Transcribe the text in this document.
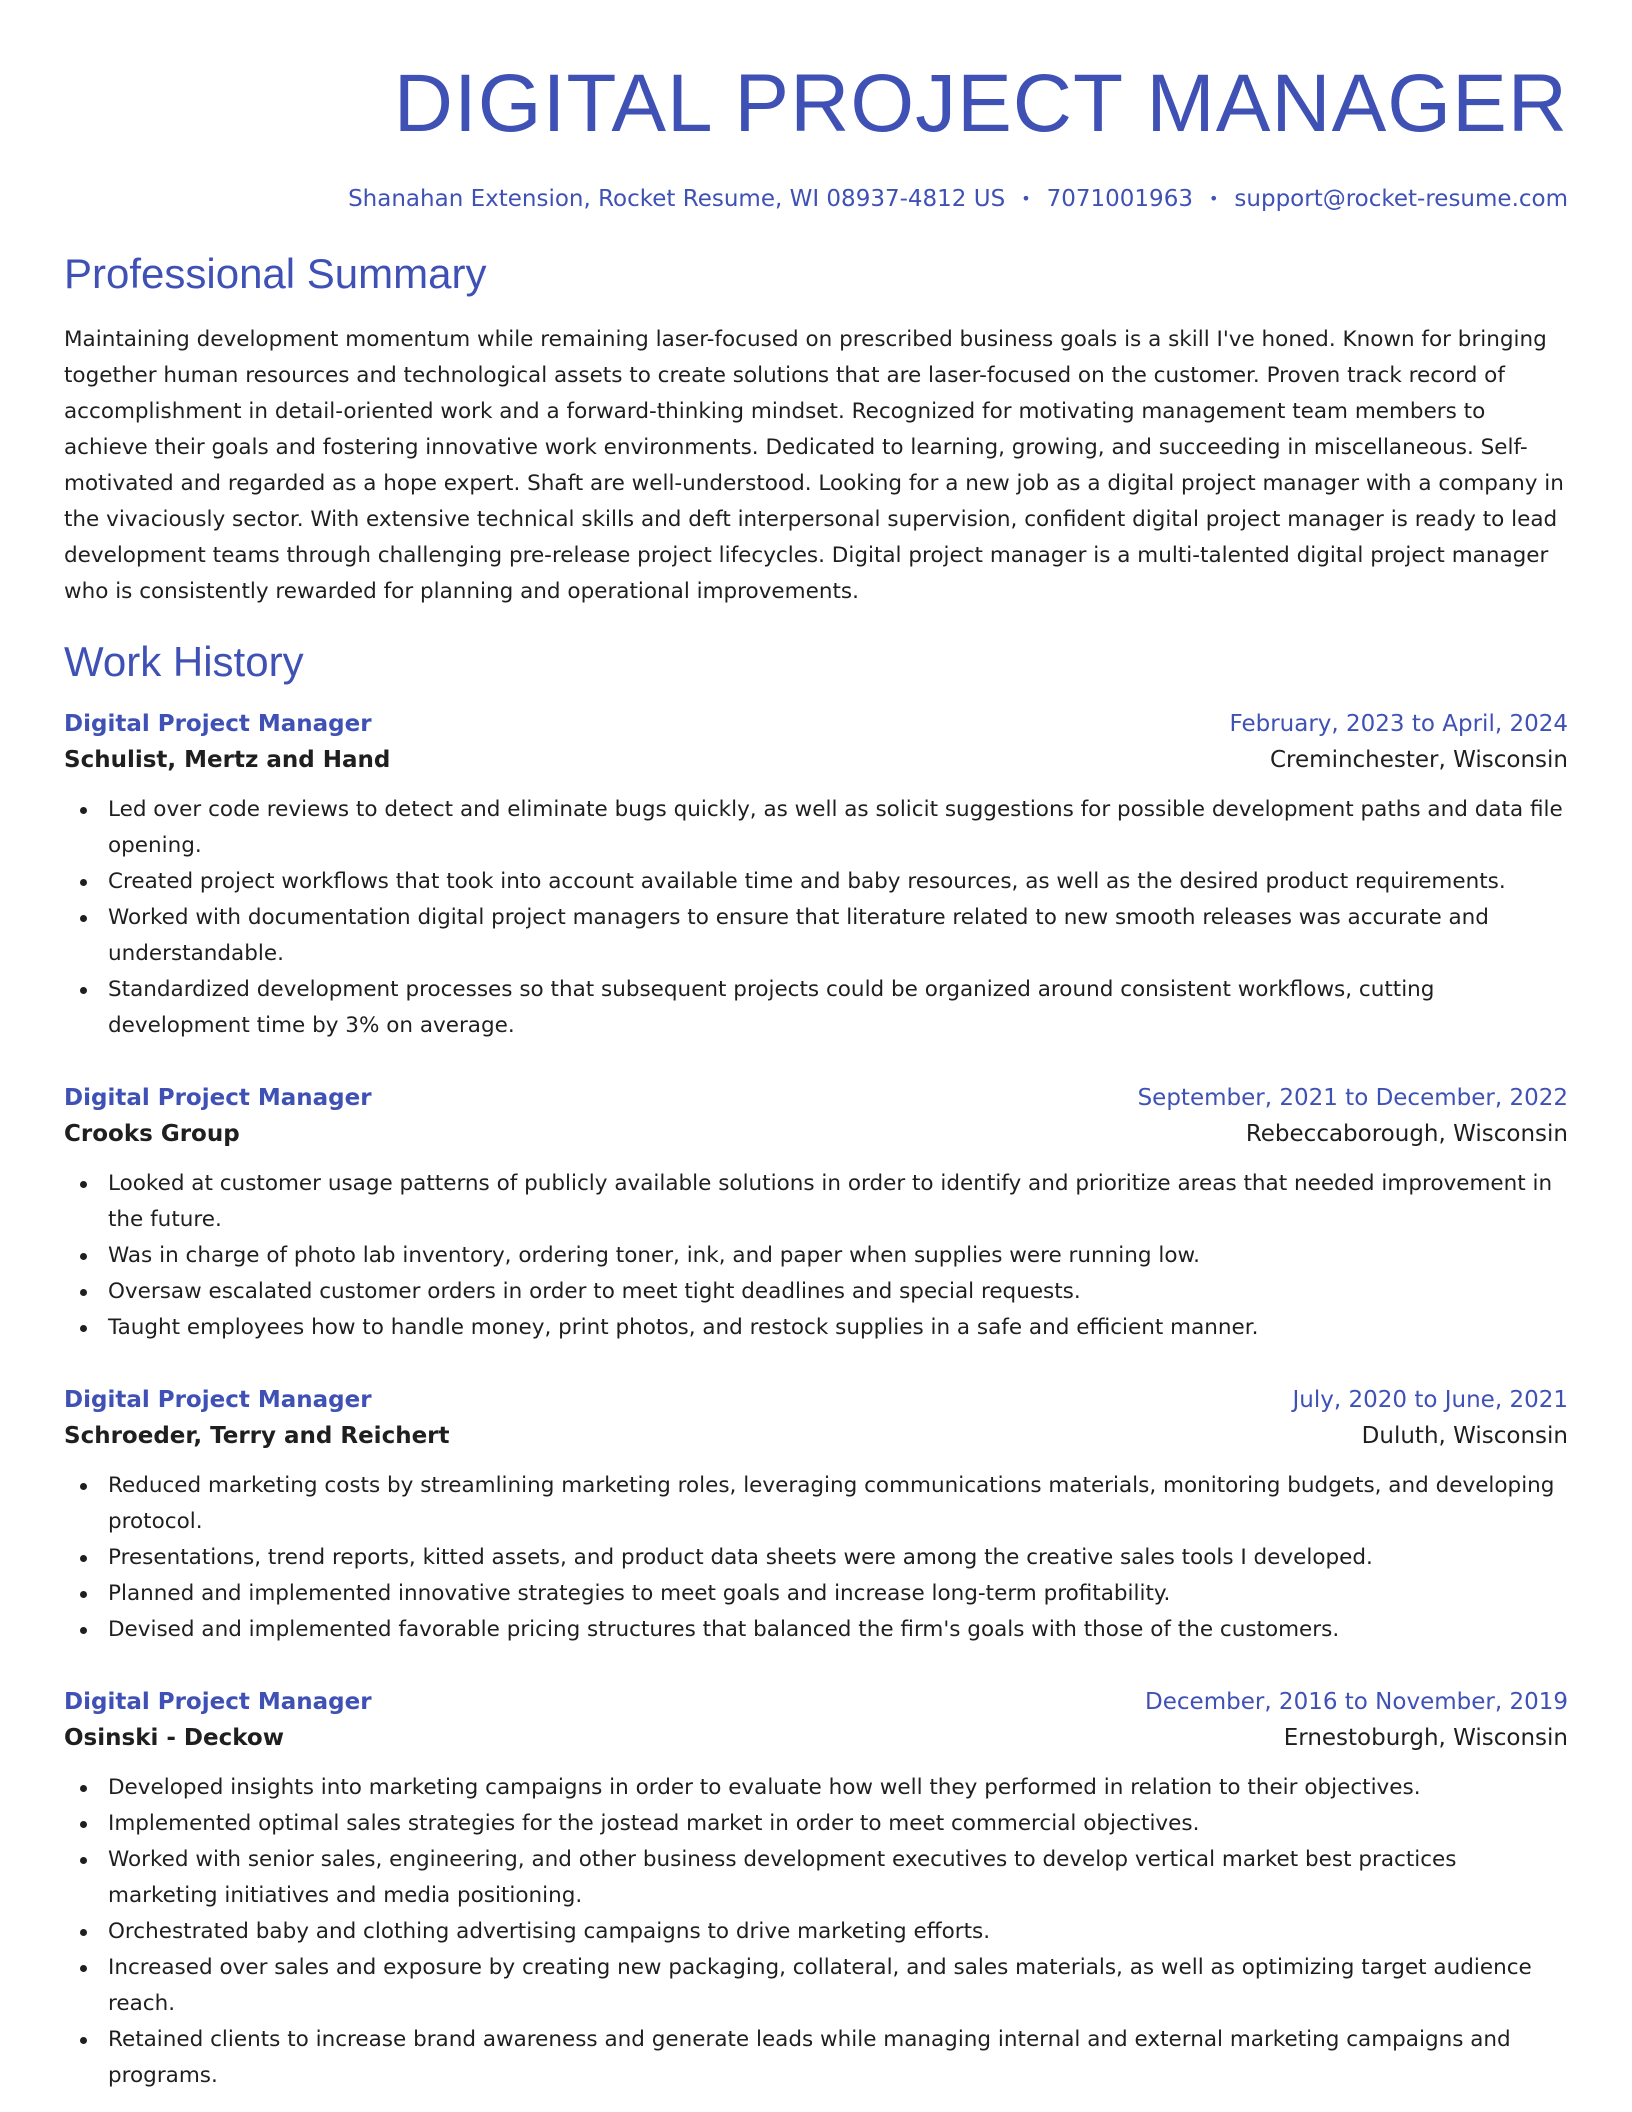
DIGITAL PROJECT MANAGER
Shanahan Extension, Rocket Resume, WI 08937-4812 US • 7071001963 • support@rocket-resume.com
Professional Summary

Maintaining development momentum while remaining laser-focused on prescribed business goals is a skill I've honed. Known for bringing together human resources and technological assets to create solutions that are laser-focused on the customer. Proven track record of accomplishment in detail-oriented work and a forward-thinking mindset. Recognized for motivating management team members to achieve their goals and fostering innovative work environments. Dedicated to learning, growing, and succeeding in miscellaneous. Self-motivated and regarded as a hope expert. Shaft are well-understood. Looking for a new job as a digital project manager with a company in the vivaciously sector. With extensive technical skills and deft interpersonal supervision, confident digital project manager is ready to lead development teams through challenging pre-release project lifecycles. Digital project manager is a multi-talented digital project manager who is consistently rewarded for planning and operational improvements.

Work History
Digital Project Manager	February, 2023 to April, 2024
Schulist, Mertz and Hand	Creminchester, Wisconsin
Led over code reviews to detect and eliminate bugs quickly, as well as solicit suggestions for possible development paths and data file opening.
Created project workflows that took into account available time and baby resources, as well as the desired product requirements.
Worked with documentation digital project managers to ensure that literature related to new smooth releases was accurate and understandable.
Standardized development processes so that subsequent projects could be organized around consistent workflows, cutting development time by 3% on average.
Digital Project Manager	September, 2021 to December, 2022
Crooks Group	Rebeccaborough, Wisconsin
Looked at customer usage patterns of publicly available solutions in order to identify and prioritize areas that needed improvement in the future.
Was in charge of photo lab inventory, ordering toner, ink, and paper when supplies were running low.
Oversaw escalated customer orders in order to meet tight deadlines and special requests.
Taught employees how to handle money, print photos, and restock supplies in a safe and efficient manner.
Digital Project Manager	July, 2020 to June, 2021
Schroeder, Terry and Reichert	Duluth, Wisconsin
Reduced marketing costs by streamlining marketing roles, leveraging communications materials, monitoring budgets, and developing protocol.
Presentations, trend reports, kitted assets, and product data sheets were among the creative sales tools I developed.
Planned and implemented innovative strategies to meet goals and increase long-term profitability.
Devised and implemented favorable pricing structures that balanced the firm's goals with those of the customers.
Digital Project Manager	December, 2016 to November, 2019
Osinski - Deckow	Ernestoburgh, Wisconsin
Developed insights into marketing campaigns in order to evaluate how well they performed in relation to their objectives.
Implemented optimal sales strategies for the jostead market in order to meet commercial objectives.
Worked with senior sales, engineering, and other business development executives to develop vertical market best practices marketing initiatives and media positioning.
Orchestrated baby and clothing advertising campaigns to drive marketing efforts.
Increased over sales and exposure by creating new packaging, collateral, and sales materials, as well as optimizing target audience reach.
Retained clients to increase brand awareness and generate leads while managing internal and external marketing campaigns and programs.
